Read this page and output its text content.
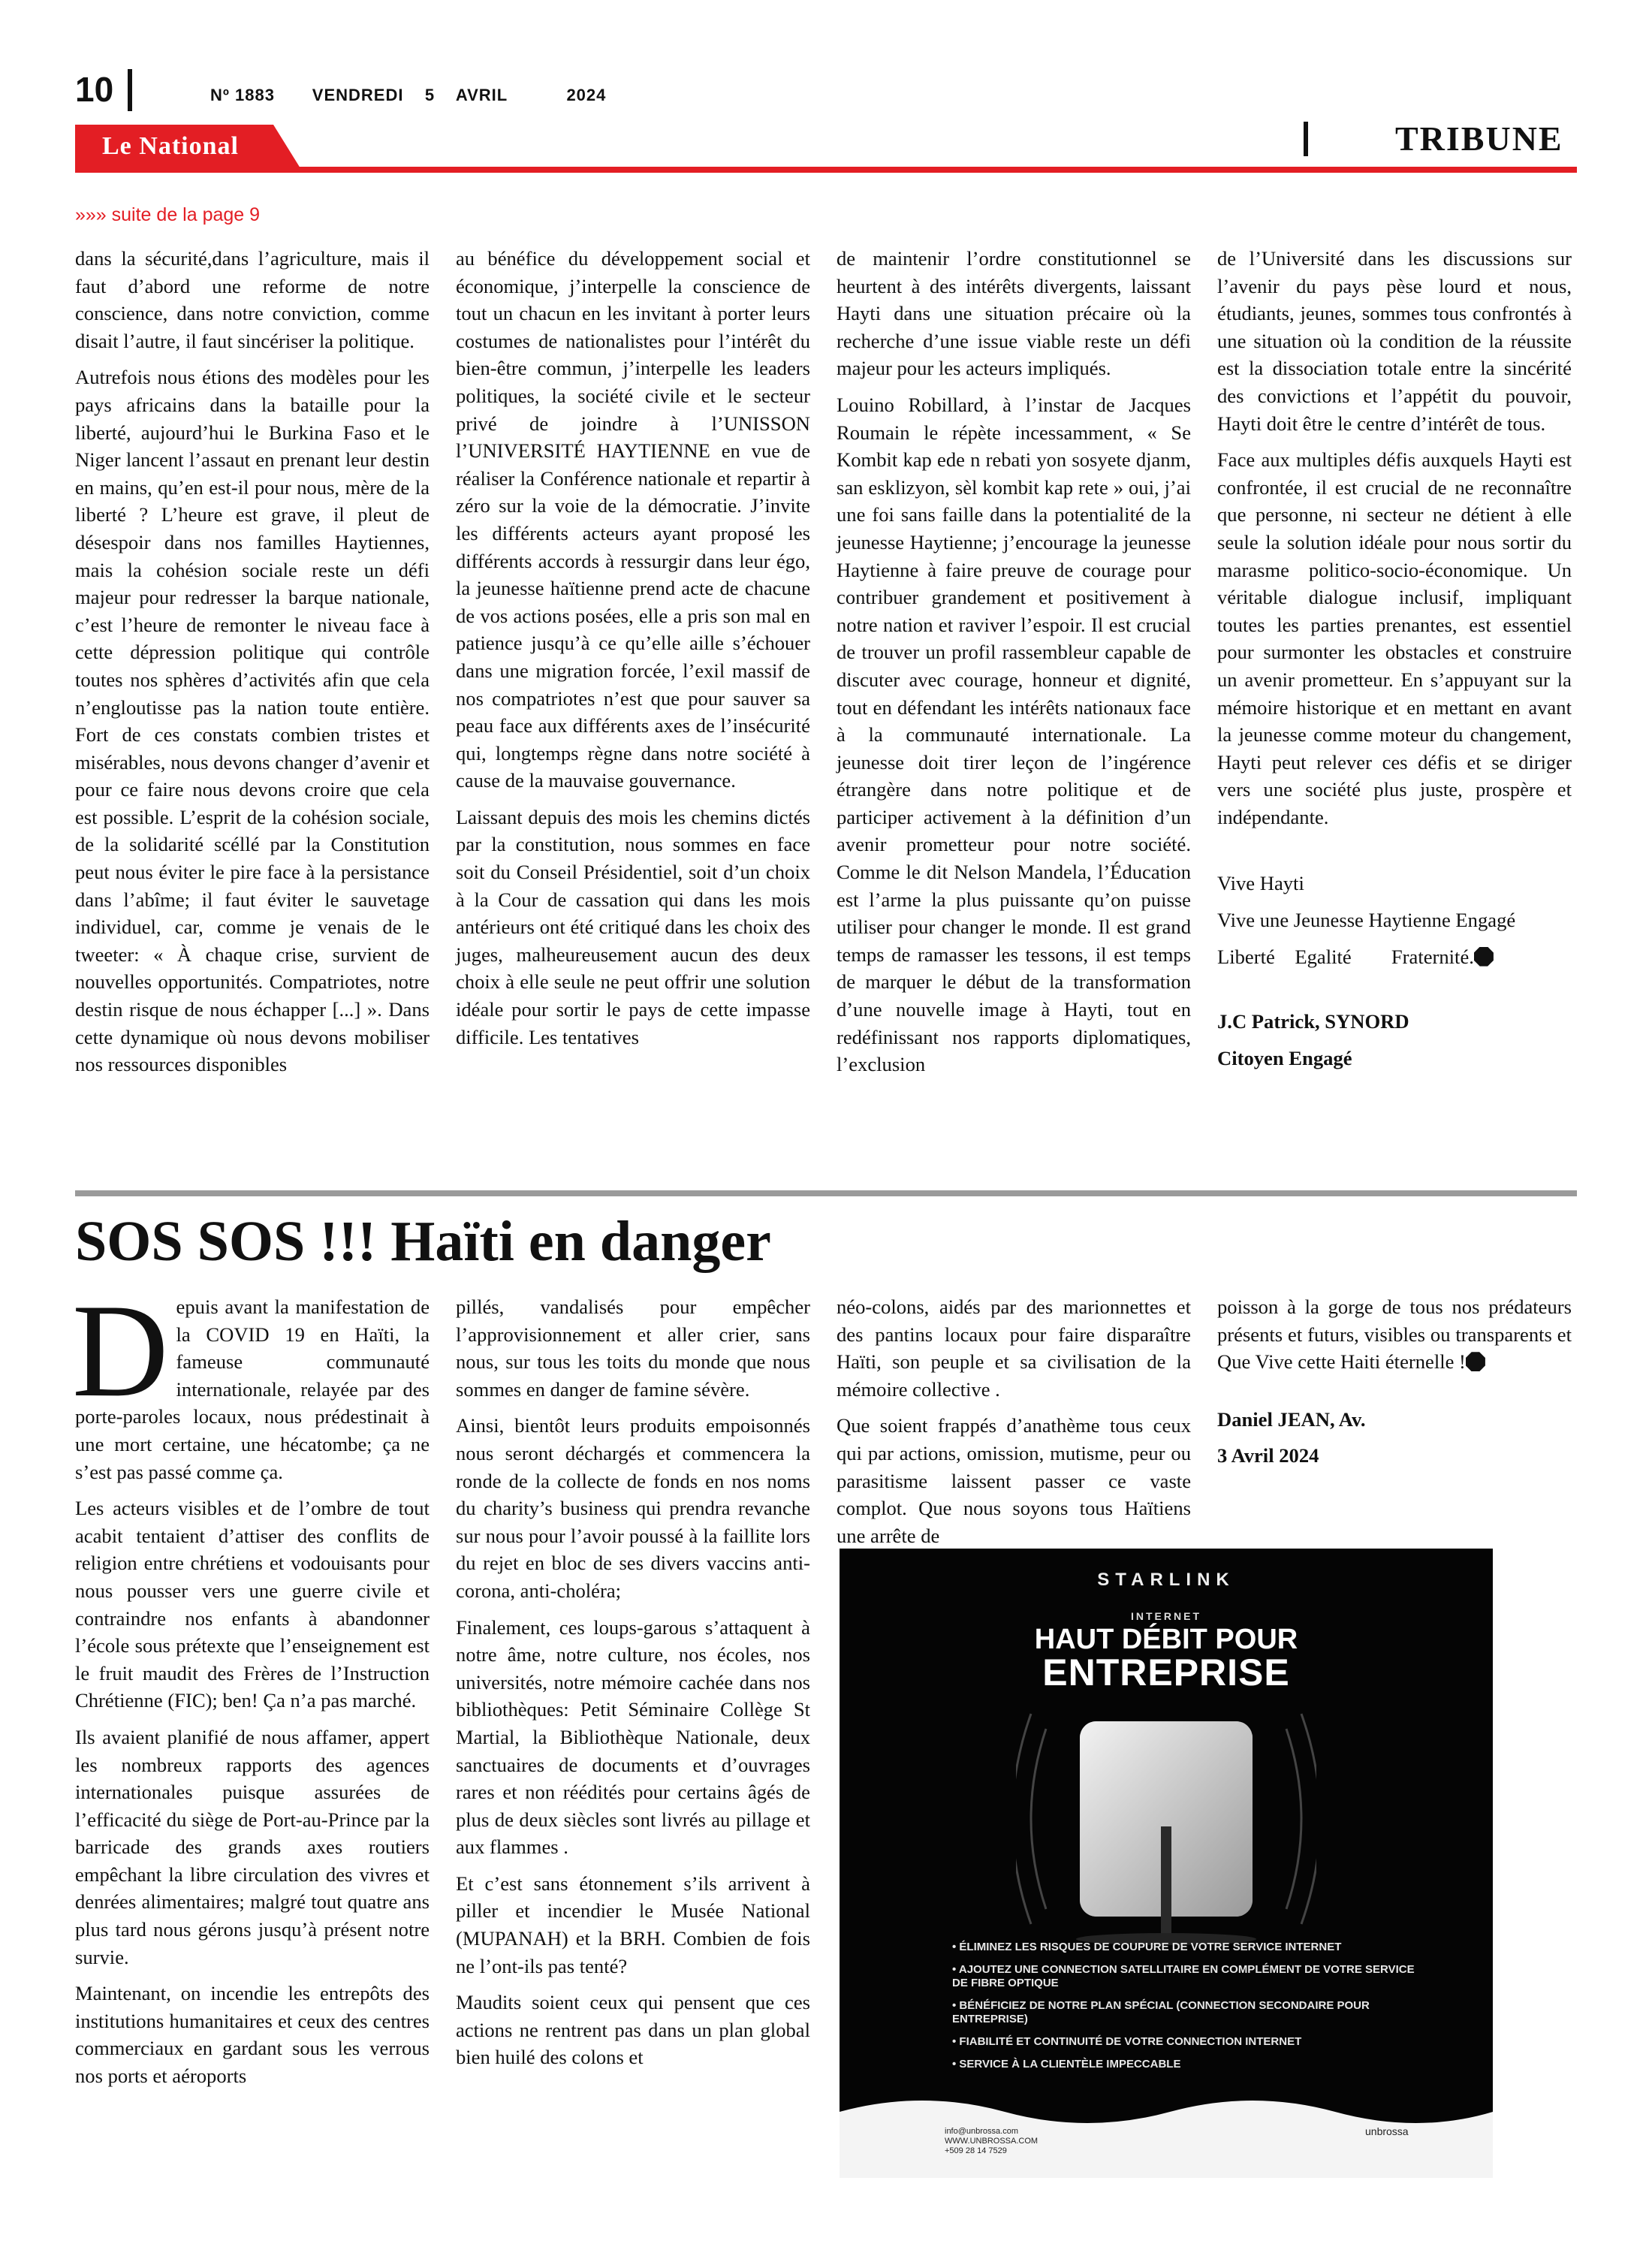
10	Nº 1883 VENDREDI 5 AVRIL	2024
Le National	TRIBUNE
»»» suite de la page 9

dans la sécurité,dans l’agriculture, mais il faut d’abord une reforme de notre conscience, dans notre conviction, comme disait l’autre, il faut sincériser la politique.

Autrefois nous étions des modèles pour les pays africains dans la bataille pour la liberté, aujourd’hui le Burkina Faso et le Niger lancent l’assaut en prenant leur destin en mains, qu’en est-il pour nous, mère de la liberté ? L’heure est grave, il pleut de désespoir dans nos familles Haytiennes, mais la cohésion sociale reste un défi majeur pour redresser la barque nationale, c’est l’heure de remonter le niveau face à cette dépression politique qui contrôle toutes nos sphères d’activités afin que cela n’engloutisse pas la nation toute entière. Fort de ces constats combien tristes et misérables, nous devons changer d’avenir et pour ce faire nous devons croire que cela est possible. L’esprit de la cohésion sociale, de la solidarité scéllé par la Constitution peut nous éviter le pire face à la persistance dans l’abîme; il faut éviter le sauvetage individuel, car, comme je venais de le tweeter: « À chaque crise, survient de nouvelles opportunités. Compatriotes, notre destin risque de nous échapper [...] ». Dans cette dynamique où nous devons mobiliser nos ressources disponibles

au bénéfice du développement social et économique, j’interpelle la conscience de tout un chacun en les invitant à porter leurs costumes de nationalistes pour l’intérêt du bien-être commun, j’interpelle les leaders politiques, la société civile et le secteur privé de joindre à l’UNISSON l’UNIVERSITÉ HAYTIENNE en vue de réaliser la Conférence nationale et repartir à zéro sur la voie de la démocratie. J’invite les différents acteurs ayant proposé les différents accords à ressurgir dans leur égo, la jeunesse haïtienne prend acte de chacune de vos actions posées, elle a pris son mal en patience jusqu’à ce qu’elle aille s’échouer dans une migration forcée, l’exil massif de nos compatriotes n’est que pour sauver sa peau face aux différents axes de l’insécurité qui, longtemps règne dans notre société à cause de la mauvaise gouvernance.

Laissant depuis des mois les chemins dictés par la constitution, nous sommes en face soit du Conseil Présidentiel, soit d’un choix à la Cour de cassation qui dans les mois antérieurs ont été critiqué dans les choix des juges, malheureusement aucun des deux choix à elle seule ne peut offrir une solution idéale pour sortir le pays de cette impasse difficile. Les tentatives

de maintenir l’ordre constitutionnel se heurtent à des intérêts divergents, laissant Hayti dans une situation précaire où la recherche d’une issue viable reste un défi majeur pour les acteurs impliqués.

Louino Robillard, à l’instar de Jacques Roumain le répète incessamment, « Se Kombit kap ede n rebati yon sosyete djanm, san esklizyon, sèl kombit kap rete » oui, j’ai une foi sans faille dans la potentialité de la jeunesse Haytienne; j’encourage la jeunesse Haytienne à faire preuve de courage pour contribuer grandement et positivement à notre nation et raviver l’espoir. Il est crucial de trouver un profil rassembleur capable de discuter avec courage, honneur et dignité, tout en défendant les intérêts nationaux face à la communauté internationale. La jeunesse doit tirer leçon de l’ingérence étrangère dans notre politique et de participer activement à la définition d’un avenir prometteur pour notre société. Comme le dit Nelson Mandela, l’Éducation est l’arme la plus puissante qu’on puisse utiliser pour changer le monde. Il est grand temps de ramasser les tessons, il est temps de marquer le début de la transformation d’une nouvelle image à Hayti, tout en redéfinissant nos rapports diplomatiques, l’exclusion

de l’Université dans les discussions sur l’avenir du pays pèse lourd et nous, étudiants, jeunes, sommes tous confrontés à une situation où la condition de la réussite est la dissociation totale entre la sincérité des convictions et l’appétit du pouvoir, Hayti doit être le centre d’intérêt de tous.

Face aux multiples défis auxquels Hayti est confrontée, il est crucial de ne reconnaître que personne, ni secteur ne détient à elle seule la solution idéale pour nous sortir du marasme politico-socio-économique. Un véritable dialogue inclusif, impliquant toutes les parties prenantes, est essentiel pour surmonter les obstacles et construire un avenir prometteur. En s’appuyant sur la mémoire historique et en mettant en avant la jeunesse comme moteur du changement, Hayti peut relever ces défis et se diriger vers une société plus juste, prospère et indépendante.

Vive Hayti

Vive une Jeunesse Haytienne Engagé

Liberté    Egalité        Fraternité.

J.C Patrick, SYNORD

Citoyen Engagé

SOS SOS !!! Haïti en danger

Depuis avant la manifestation de la COVID 19 en Haïti, la fameuse communauté internationale, relayée par des porte-paroles locaux, nous prédestinait à une mort certaine, une hécatombe; ça ne s’est pas passé comme ça.

Les acteurs visibles et de l’ombre de tout acabit tentaient d’attiser des conflits de religion entre chrétiens et vodouisants pour nous pousser vers une guerre civile et contraindre nos enfants à abandonner l’école sous prétexte que l’enseignement est le fruit maudit des Frères de l’Instruction Chrétienne (FIC); ben! Ça n’a pas marché.

Ils avaient planifié de nous affamer, appert les nombreux rapports des agences internationales puisque assurées de l’efficacité du siège de Port-au-Prince par la barricade des grands axes routiers empêchant la libre circulation des vivres et denrées alimentaires; malgré tout quatre ans plus tard nous gérons jusqu’à présent notre survie.

Maintenant, on incendie les entrepôts des institutions humanitaires et ceux des centres commerciaux en gardant sous les verrous nos ports et aéroports

pillés, vandalisés pour empêcher l’approvisionnement et aller crier, sans nous, sur tous les toits du monde que nous sommes en danger de famine sévère.

Ainsi, bientôt leurs produits empoisonnés nous seront déchargés et commencera la ronde de la collecte de fonds en nos noms du charity’s business qui prendra revanche sur nous pour l’avoir poussé à la faillite lors du rejet en bloc de ses divers vaccins anti-corona, anti-choléra;

Finalement, ces loups-garous s’attaquent à notre âme, notre culture, nos écoles, nos universités, notre mémoire cachée dans nos bibliothèques: Petit Séminaire Collège St Martial, la Bibliothèque Nationale, deux sanctuaires de documents et d’ouvrages rares et non réédités pour certains âgés de plus de deux siècles sont livrés au pillage et aux flammes .

Et c’est sans étonnement s’ils arrivent à piller et incendier le Musée National (MUPANAH) et la BRH. Combien de fois ne l’ont-ils pas tenté?

Maudits soient ceux qui pensent que ces actions ne rentrent pas dans un plan global bien huilé des colons et

néo-colons, aidés par des marionnettes et des pantins locaux pour faire disparaître Haïti, son peuple et sa civilisation de la mémoire collective .

Que soient frappés d’anathème tous ceux qui par actions, omission, mutisme, peur ou parasitisme laissent passer ce vaste complot. Que nous soyons tous Haïtiens une arrête de

poisson à la gorge de tous nos prédateurs présents et futurs, visibles ou transparents et Que Vive cette Haiti éternelle !

Daniel JEAN, Av.

3 Avril 2024

STARLINK
INTERNET
HAUT DÉBIT POUR
ENTREPRISE
• ÉLIMINEZ LES RISQUES DE COUPURE DE VOTRE SERVICE INTERNET
• AJOUTEZ UNE CONNECTION SATELLITAIRE EN COMPLÉMENT DE VOTRE SERVICE DE FIBRE OPTIQUE
• BÉNÉFICIEZ DE NOTRE PLAN SPÉCIAL (CONNECTION SECONDAIRE POUR ENTREPRISE)
• FIABILITÉ ET CONTINUITÉ DE VOTRE CONNECTION INTERNET
• SERVICE À LA CLIENTÈLE IMPECCABLE
info@unbrossa.com
WWW.UNBROSSA.COM
+509 28 14 7529
unbrossa
